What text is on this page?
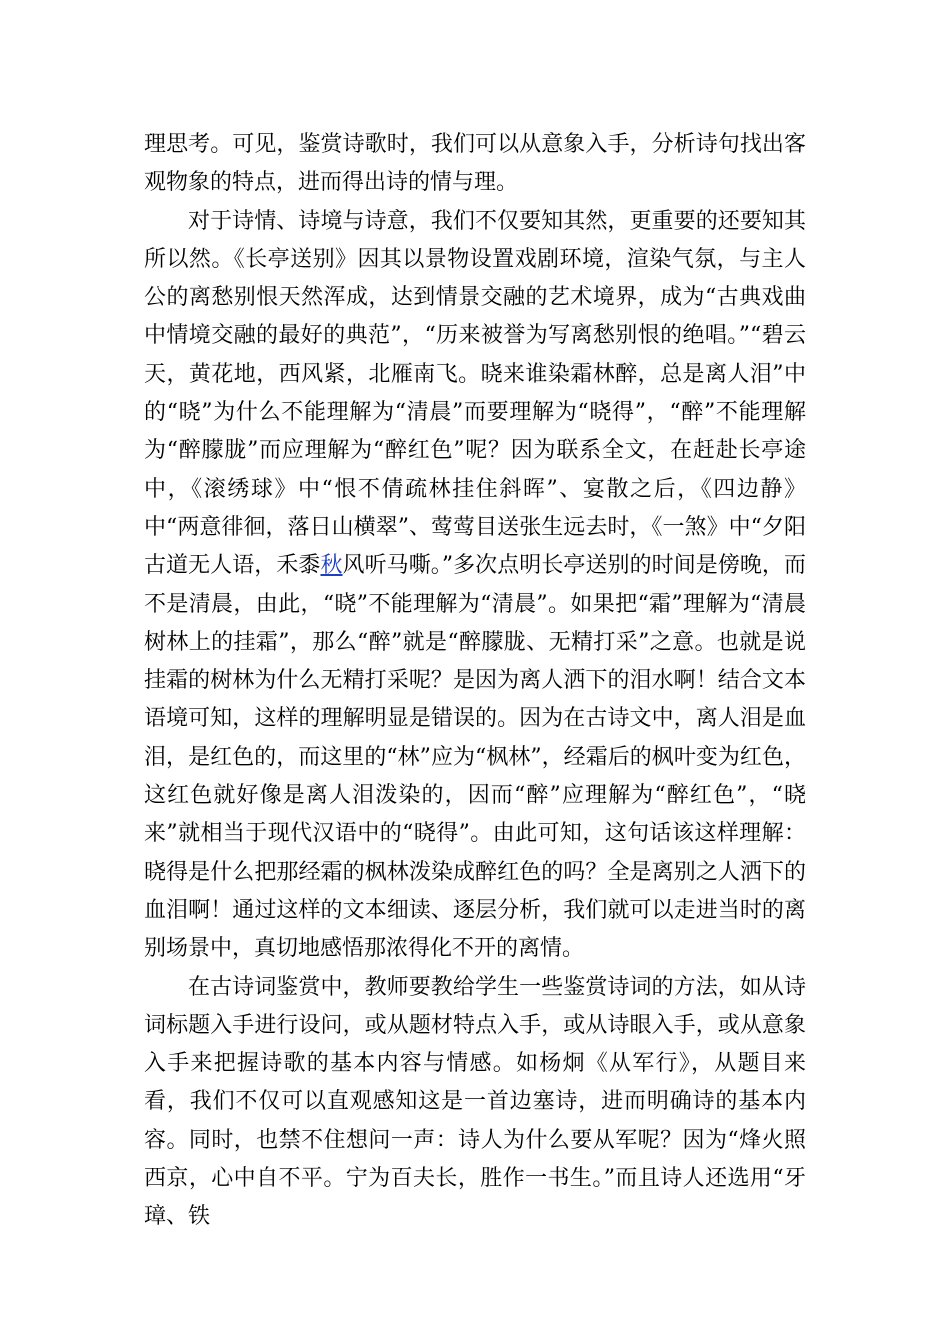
理思考。可见，鉴赏诗歌时，我们可以从意象入手，分析诗句找出客观物象的特点，进而得出诗的情与理。

对于诗情、诗境与诗意，我们不仅要知其然，更重要的还要知其所以然。《长亭送别》因其以景物设置戏剧环境，渲染气氛，与主人公的离愁别恨天然浑成，达到情景交融的艺术境界，成为“古典戏曲中情境交融的最好的典范”，“历来被誉为写离愁别恨的绝唱。”“碧云天，黄花地，西风紧，北雁南飞。晓来谁染霜林醉，总是离人泪”中的“晓”为什么不能理解为“清晨”而要理解为“晓得”，“醉”不能理解为“醉朦胧”而应理解为“醉红色”呢？因为联系全文，在赶赴长亭途中，《滚绣球》中“恨不倩疏林挂住斜晖”、宴散之后，《四边静》中“两意徘徊，落日山横翠”、莺莺目送张生远去时，《一煞》中“夕阳古道无人语，禾黍秋风听马嘶。”多次点明长亭送别的时间是傍晚，而不是清晨，由此，“晓”不能理解为“清晨”。如果把“霜”理解为“清晨树林上的挂霜”，那么“醉”就是“醉朦胧、无精打采”之意。也就是说挂霜的树林为什么无精打采呢？是因为离人洒下的泪水啊！结合文本语境可知，这样的理解明显是错误的。因为在古诗文中，离人泪是血泪，是红色的，而这里的“林”应为“枫林”，经霜后的枫叶变为红色，这红色就好像是离人泪泼染的，因而“醉”应理解为“醉红色”，“晓来”就相当于现代汉语中的“晓得”。由此可知，这句话该这样理解：晓得是什么把那经霜的枫林泼染成醉红色的吗？全是离别之人洒下的血泪啊！通过这样的文本细读、逐层分析，我们就可以走进当时的离别场景中，真切地感悟那浓得化不开的离情。

在古诗词鉴赏中，教师要教给学生一些鉴赏诗词的方法，如从诗词标题入手进行设问，或从题材特点入手，或从诗眼入手，或从意象入手来把握诗歌的基本内容与情感。如杨炯《从军行》，从题目来看，我们不仅可以直观感知这是一首边塞诗，进而明确诗的基本内容。同时，也禁不住想问一声：诗人为什么要从军呢？因为“烽火照西京，心中自不平。宁为百夫长，胜作一书生。”而且诗人还选用“牙璋、铁
